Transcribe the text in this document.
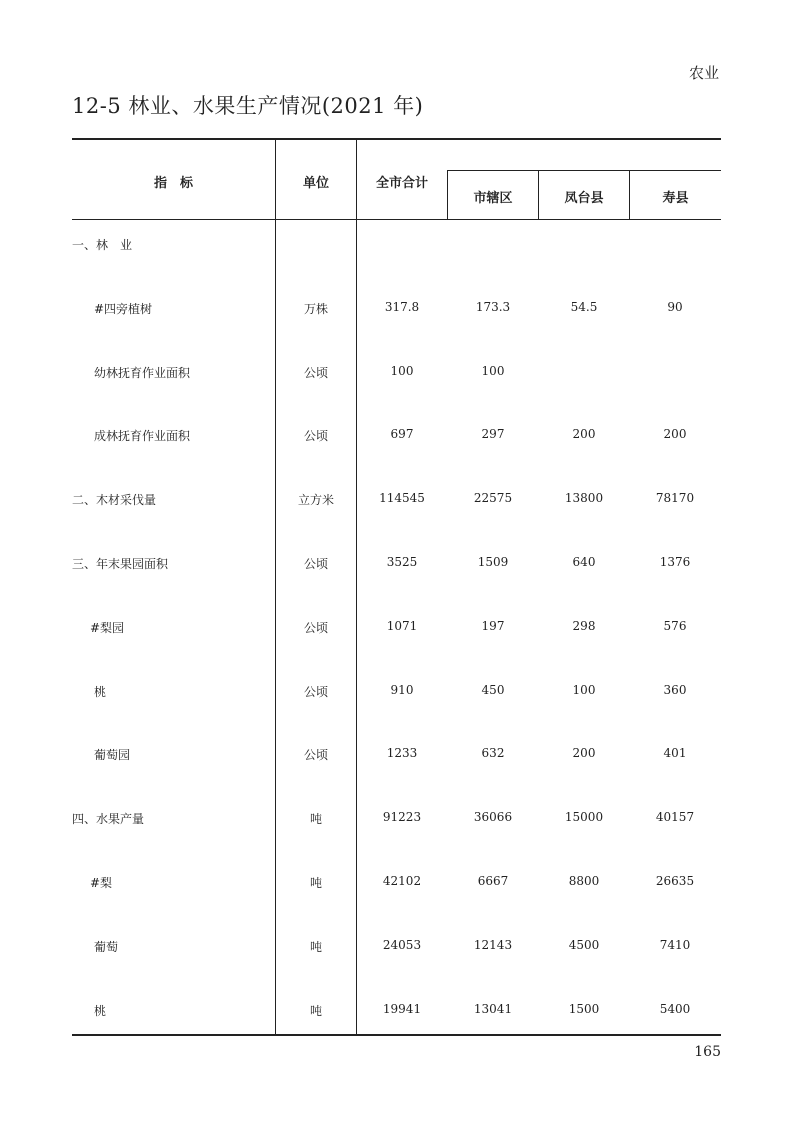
农业
12-5 林业、水果生产情况(2021 年)
指　标	单位	全市合计
市辖区	凤台县	寿县
一、林　业
#四旁植树	万株	317.8	173.3	54.5	90
幼林抚育作业面积	公顷	100	100
成林抚育作业面积	公顷	697	297	200	200
二、木材采伐量	立方米	114545	22575	13800	78170
三、年末果园面积	公顷	3525	1509	640	1376
#梨园	公顷	1071	197	298	576
桃	公顷	910	450	100	360
葡萄园	公顷	1233	632	200	401
四、水果产量	吨	91223	36066	15000	40157
#梨	吨	42102	6667	8800	26635
葡萄	吨	24053	12143	4500	7410
桃	吨	19941	13041	1500	5400
165
